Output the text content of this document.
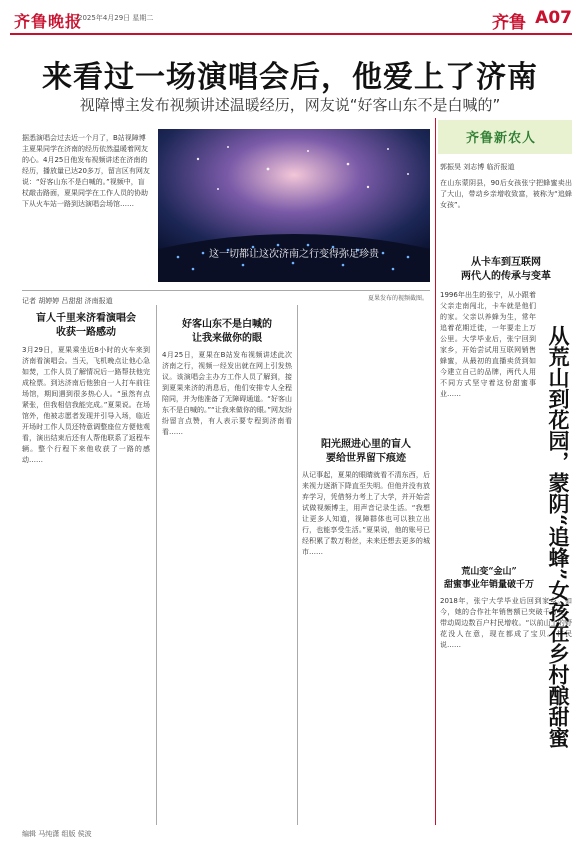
齐鲁晚报
2025年4月29日 星期二	齐鲁 A07
来看过一场演唱会后，他爱上了济南
视障博主发布视频讲述温暖经历，网友说“好客山东不是白喊的”
据悉演唱会过去近一个月了，B站视障博主夏果同学在济南的经历依然温暖着网友的心。4月25日他发布视频讲述在济南的经历，播放量已达20多万，留言区有网友说：“好客山东不是白喊的。”视频中，盲杖敲击路面，夏果同学在工作人员的协助下从火车站一路到达演唱会场馆……
这一切都让这次济南之行变得弥足珍贵
夏果发布的视频截图。
记者 胡婷婷 吕甜甜 济南报道
盲人千里来济看演唱会
收获一路感动
3月29日，夏果乘坐近8小时的火车来到济南看演唱会。当天，飞机晚点让他心急如焚，工作人员了解情况后一路帮扶他完成检票。到达济南后他独自一人打车前往场馆，期间遇到很多热心人。“虽然有点紧张，但我相信我能完成。”夏果说。在场馆外，他被志愿者发现并引导入场，临近开场时工作人员还特意调整座位方便他观看，演出结束后还有人帮他联系了返程车辆。整个行程下来他收获了一路的感动……
好客山东不是白喊的
让我来做你的眼
4月25日，夏果在B站发布视频讲述此次济南之行，视频一经发出就在网上引发热议。该演唱会主办方工作人员了解到，接到夏果来济的消息后，他们安排专人全程陪同，并为他准备了无障碍通道。“好客山东不是白喊的。”“让我来做你的眼。”网友纷纷留言点赞，有人表示要专程到济南看看……
阳光照进心里的盲人
要给世界留下痕迹
从记事起，夏果的眼睛就看不清东西，后来视力逐渐下降直至失明。但他并没有放弃学习，凭借努力考上了大学，并开始尝试做视频博主，用声音记录生活。“我想让更多人知道，视障群体也可以独立出行，也能享受生活。”夏果说，他的账号已经积累了数万粉丝，未来还想去更多的城市……
齐鲁新农人
郭振昊 刘志博 临沂报道
在山东蒙阴县，90后女孩张宁把蜂蜜卖出了大山，带动乡亲增收致富，被称为“追蜂女孩”。
从卡车到互联网
两代人的传承与变革
1996年出生的张宁，从小跟着父亲走南闯北，卡车就是他们的家。父亲以养蜂为生，常年追着花期迁徙，一年要走上万公里。大学毕业后，张宁回到家乡，开始尝试用互联网销售蜂蜜，从最初的直播卖货到如今建立自己的品牌，两代人用不同方式坚守着这份甜蜜事业……
荒山变“金山”
甜蜜事业年销量破千万
2018年，张宁大学毕业后回到家乡。如今，她的合作社年销售额已突破千万元，带动周边数百户村民增收。“以前山上的野花没人在意，现在都成了宝贝。”村民说……	从荒山到花园，蒙阴“追蜂”女孩在乡村酿甜蜜
编辑 马纯潇 组版 侯波
